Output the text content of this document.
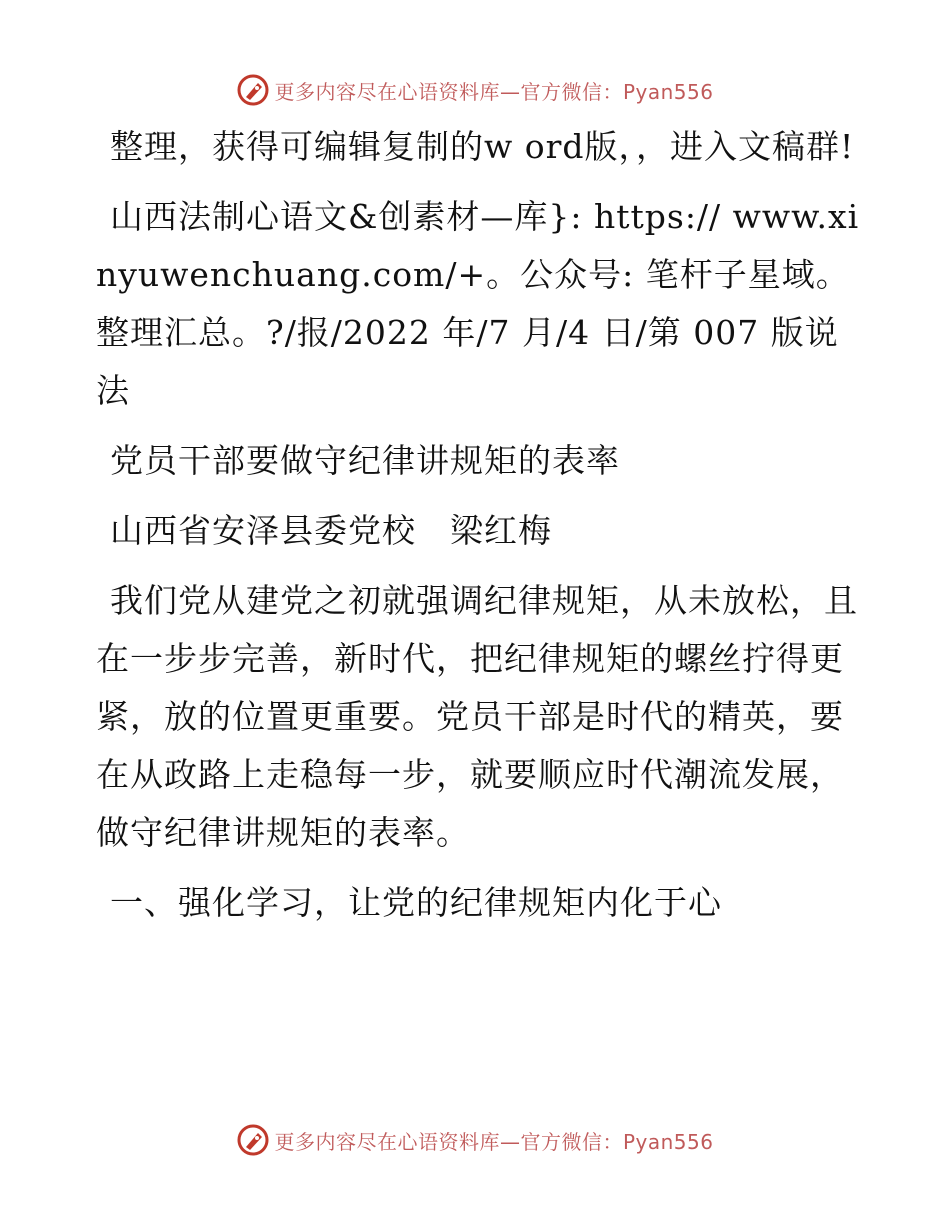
更多内容尽在心语资料库—官方微信：Pyan556

整理，获得可编辑复制的w ord版，，进入文稿群!

山西法制心语文&创素材—库}: https:// www.xinyuwenchuang.com/+。公众号: 笔杆子星域。整理汇总。?/报/2022 年/7 月/4 日/第 007 版说法

党员干部要做守纪律讲规矩的表率

山西省安泽县委党校　梁红梅

我们党从建党之初就强调纪律规矩，从未放松，且在一步步完善，新时代，把纪律规矩的螺丝拧得更紧，放的位置更重要。党员干部是时代的精英，要在从政路上走稳每一步，就要顺应时代潮流发展，做守纪律讲规矩的表率。

一、强化学习，让党的纪律规矩内化于心

更多内容尽在心语资料库—官方微信：Pyan556
